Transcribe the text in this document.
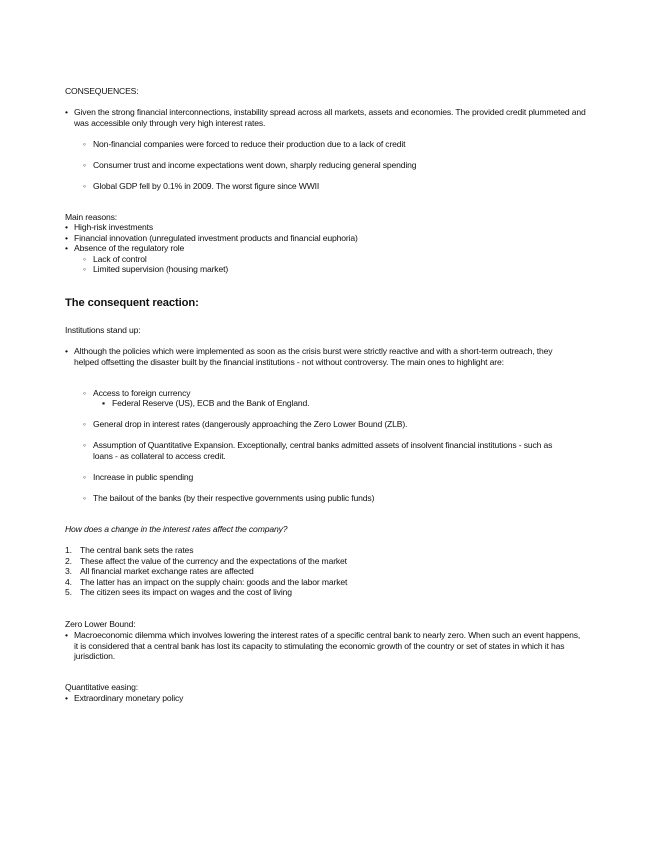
CONSEQUENCES:

• Given the strong financial interconnections, instability spread across all markets, assets and economies. The provided credit plummeted and was accessible only through very high interest rates.
◦ Non-financial companies were forced to reduce their production due to a lack of credit
◦ Consumer trust and income expectations went down, sharply reducing general spending
◦ Global GDP fell by 0.1% in 2009. The worst figure since WWII

Main reasons:

• High-risk investments
• Financial innovation (unregulated investment products and financial euphoria)
• Absence of the regulatory role
◦ Lack of control
◦ Limited supervision (housing market)
The consequent reaction:

Institutions stand up:

• Although the policies which were implemented as soon as the crisis burst were strictly reactive and with a short-term outreach, they helped offsetting the disaster built by the financial institutions - not without controversy. The main ones to highlight are:
◦ Access to foreign currency
▪ Federal Reserve (US), ECB and the Bank of England.
◦ General drop in interest rates (dangerously approaching the Zero Lower Bound (ZLB).
◦ Assumption of Quantitative Expansion. Exceptionally, central banks admitted assets of insolvent financial institutions - such as loans - as collateral to access credit.
◦ Increase in public spending
◦ The bailout of the banks (by their respective governments using public funds)

How does a change in the interest rates affect the company?

1. The central bank sets the rates
2. These affect the value of the currency and the expectations of the market
3. All financial market exchange rates are affected
4. The latter has an impact on the supply chain: goods and the labor market
5. The citizen sees its impact on wages and the cost of living

Zero Lower Bound:

• Macroeconomic dilemma which involves lowering the interest rates of a specific central bank to nearly zero. When such an event happens, it is considered that a central bank has lost its capacity to stimulating the economic growth of the country or set of states in which it has jurisdiction.

Quantitative easing:

• Extraordinary monetary policy
